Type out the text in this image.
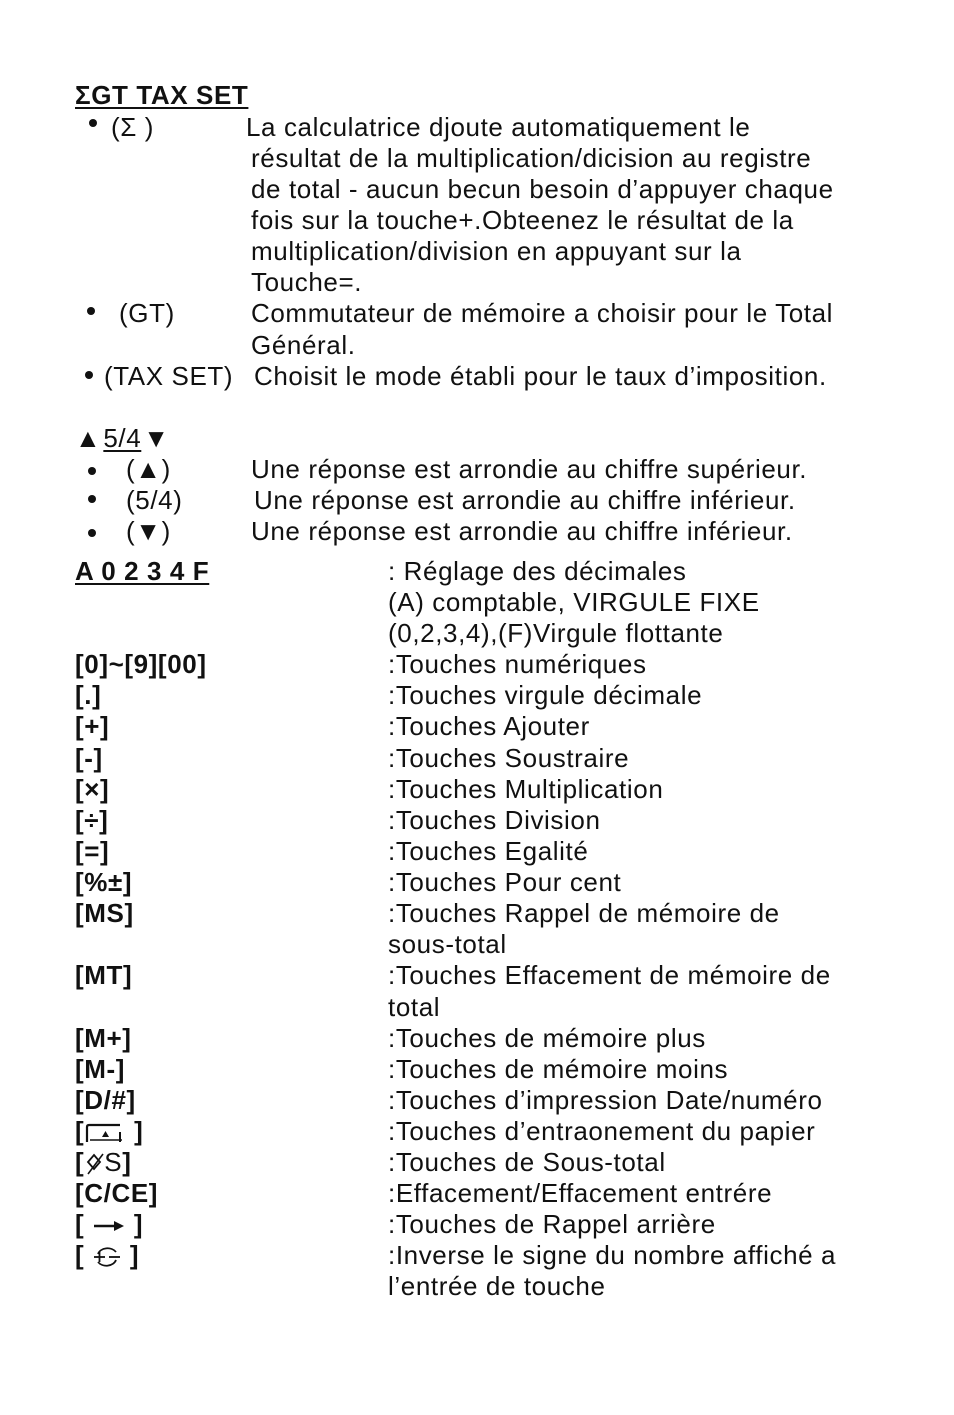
ΣGT TAX SET
(Σ )	La calculatrice djoute automatiquement le
résultat de la multiplication/dicision au registre
de total - aucun becun besoin d’appuyer chaque
fois sur la touche+.Obteenez le résultat de la
multiplication/division en appuyant sur la
Touche=.
(GT)	Commutateur de mémoire a choisir pour le Total
Général.
(TAX SET) Choisit le mode établi pour le taux d’imposition.
▲5/4▼
(▲)	Une réponse est arrondie au chiffre supérieur.
(5/4)	Une réponse est arrondie au chiffre inférieur.
(▼)	Une réponse est arrondie au chiffre inférieur.
A 0 2 3 4 F	: Réglage des décimales
(A) comptable, VIRGULE FIXE
(0,2,3,4),(F)Virgule flottante
[0]~[9][00]	:Touches numériques
[.]	:Touches virgule décimale
[+]	:Touches Ajouter
[-]	:Touches Soustraire
[×]	:Touches Multiplication
[÷]	:Touches Division
[=]	:Touches Egalité
[%±]	:Touches Pour cent
[MS]	:Touches Rappel de mémoire de
sous-total
[MT]	:Touches Effacement de mémoire de
total
[M+]	:Touches de mémoire plus
[M-]	:Touches de mémoire moins
[D/#]	:Touches d’impression Date/numéro
[ ]	:Touches d’entraonement du papier
[ S]	:Touches de Sous-total
[C/CE]	:Effacement/Effacement entrére
[  ]	:Touches de Rappel arrière
[  ]	:Inverse le signe du nombre affiché a
l’entrée de touche
